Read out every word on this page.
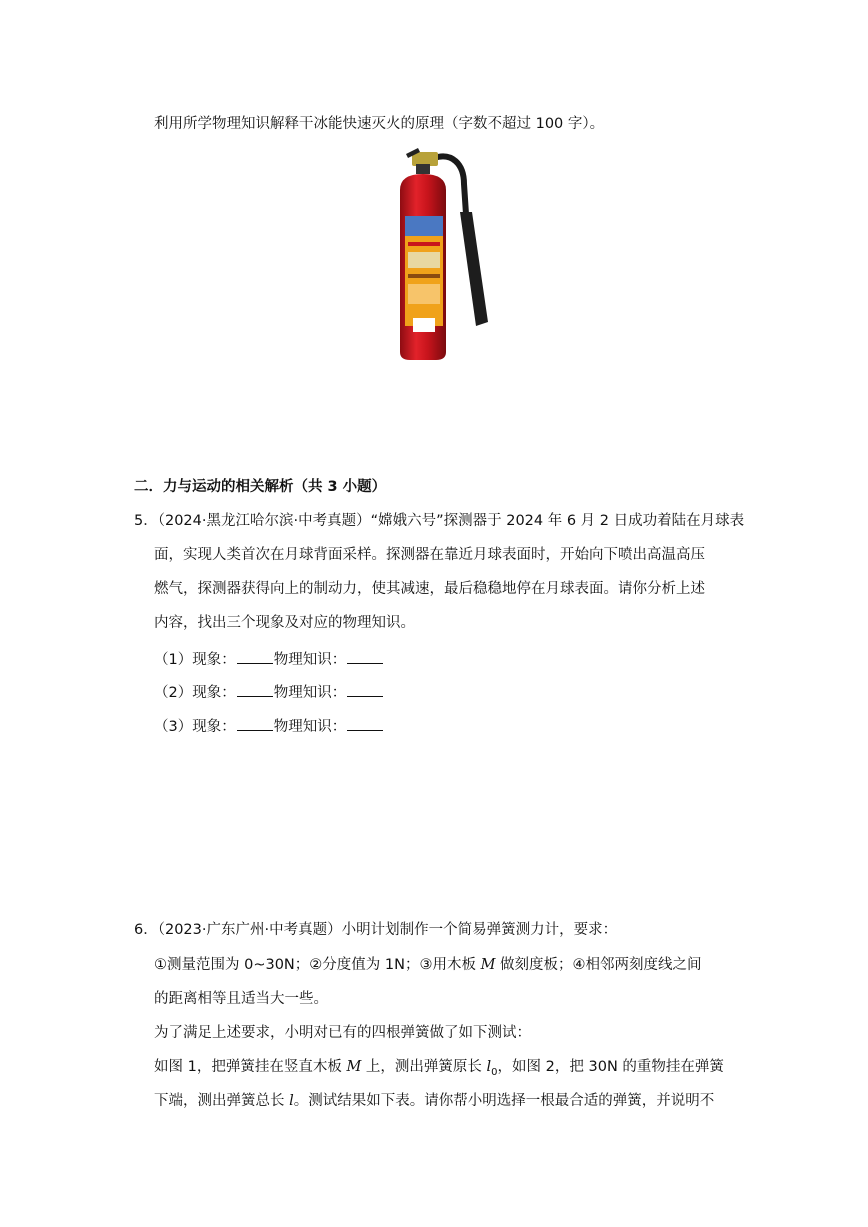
利用所学物理知识解释干冰能快速灭火的原理（字数不超过 100 字）。
二．力与运动的相关解析（共 3 小题）
5．（2024·黑龙江哈尔滨·中考真题）“嫦娥六号”探测器于 2024 年 6 月 2 日成功着陆在月球表
面，实现人类首次在月球背面采样。探测器在靠近月球表面时，开始向下喷出高温高压
燃气，探测器获得向上的制动力，使其减速，最后稳稳地停在月球表面。请你分析上述
内容，找出三个现象及对应的物理知识。
（1）现象：	物理知识：
（2）现象：	物理知识：
（3）现象：	物理知识：
6．（2023·广东广州·中考真题）小明计划制作一个简易弹簧测力计，要求：
①测量范围为 0~30N；②分度值为 1N；③用木板 M 做刻度板；④相邻两刻度线之间
的距离相等且适当大一些。
为了满足上述要求，小明对已有的四根弹簧做了如下测试：
如图 1，把弹簧挂在竖直木板 M 上，测出弹簧原长 $l_0$，如图 2，把 30N 的重物挂在弹簧
下端，测出弹簧总长 l。测试结果如下表。请你帮小明选择一根最合适的弹簧，并说明不
